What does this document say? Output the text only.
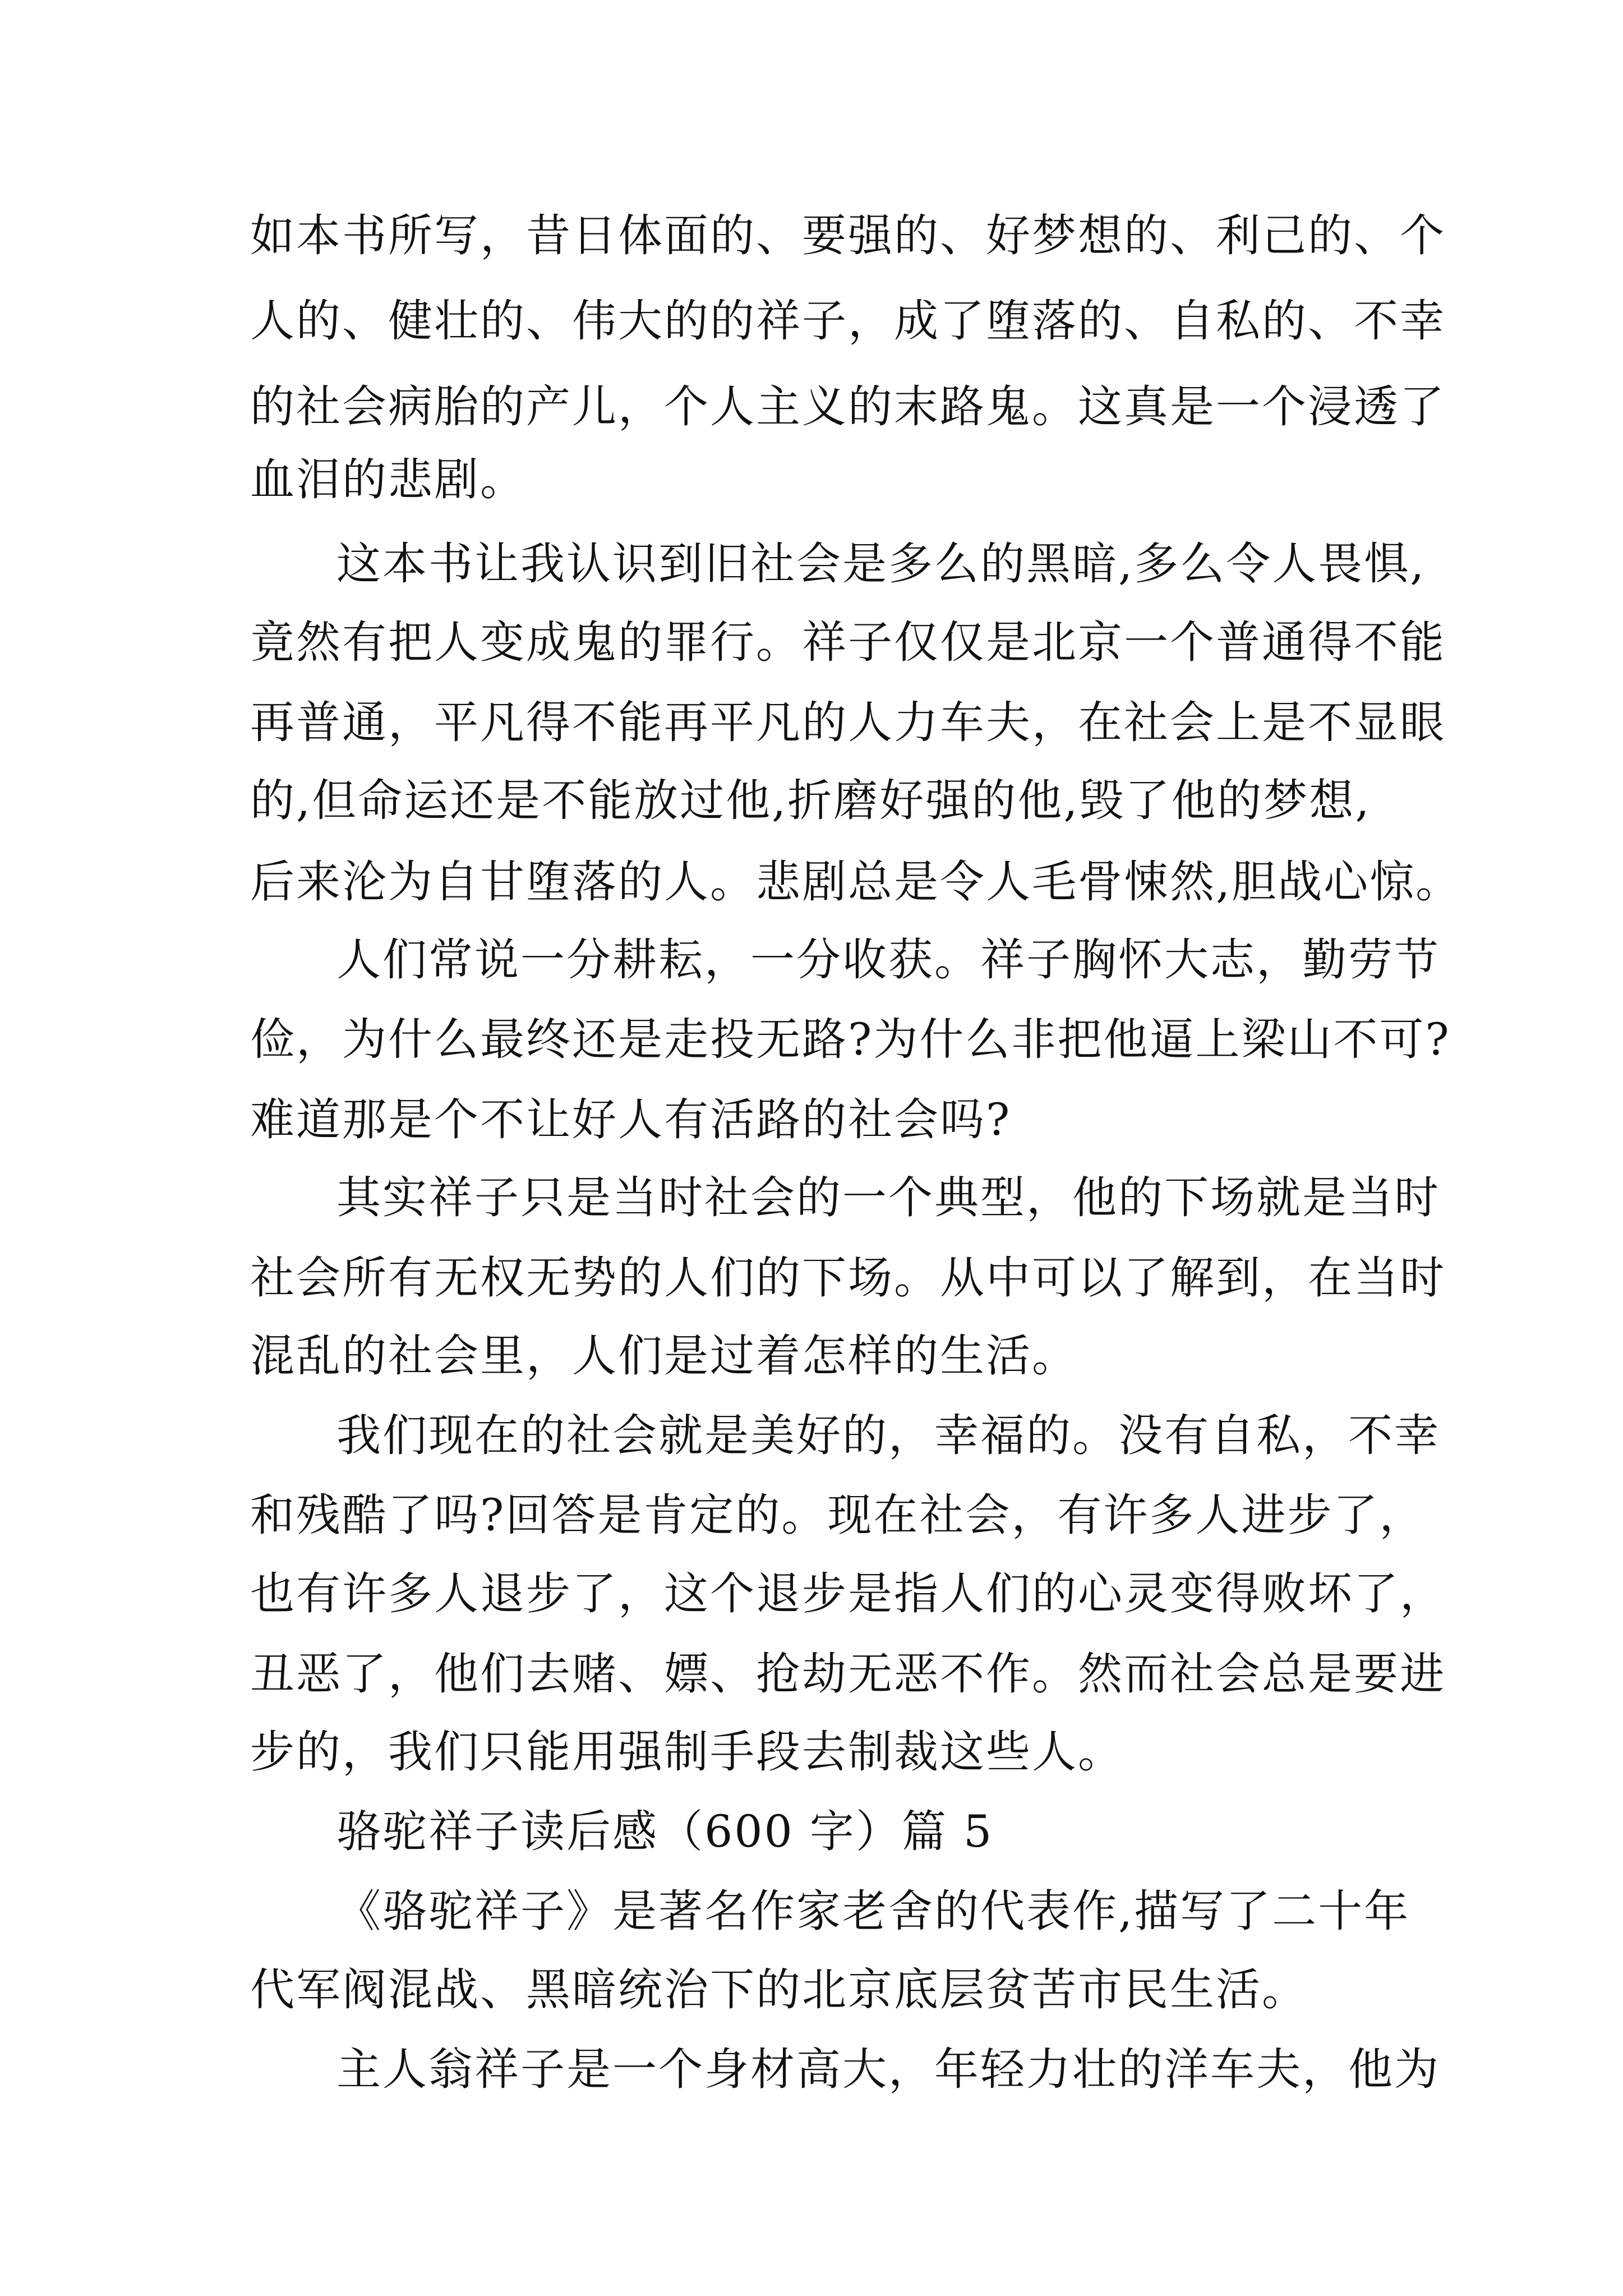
如本书所写，昔日体面的、要强的、好梦想的、利己的、个

人的、健壮的、伟大的的祥子，成了堕落的、自私的、不幸

的社会病胎的产儿，个人主义的末路鬼。这真是一个浸透了

血泪的悲剧。

这本书让我认识到旧社会是多么的黑暗,多么令人畏惧,

竟然有把人变成鬼的罪行。祥子仅仅是北京一个普通得不能

再普通，平凡得不能再平凡的人力车夫，在社会上是不显眼

的,但命运还是不能放过他,折磨好强的他,毁了他的梦想,

后来沦为自甘堕落的人。悲剧总是令人毛骨悚然,胆战心惊。

人们常说一分耕耘，一分收获。祥子胸怀大志，勤劳节

俭，为什么最终还是走投无路?为什么非把他逼上梁山不可?

难道那是个不让好人有活路的社会吗?

其实祥子只是当时社会的一个典型，他的下场就是当时

社会所有无权无势的人们的下场。从中可以了解到，在当时

混乱的社会里，人们是过着怎样的生活。

我们现在的社会就是美好的，幸福的。没有自私，不幸

和残酷了吗?回答是肯定的。现在社会，有许多人进步了，

也有许多人退步了，这个退步是指人们的心灵变得败坏了，

丑恶了，他们去赌、嫖、抢劫无恶不作。然而社会总是要进

步的，我们只能用强制手段去制裁这些人。

骆驼祥子读后感（600 字）篇 5

《骆驼祥子》是著名作家老舍的代表作,描写了二十年

代军阀混战、黑暗统治下的北京底层贫苦市民生活。

主人翁祥子是一个身材高大，年轻力壮的洋车夫，他为
